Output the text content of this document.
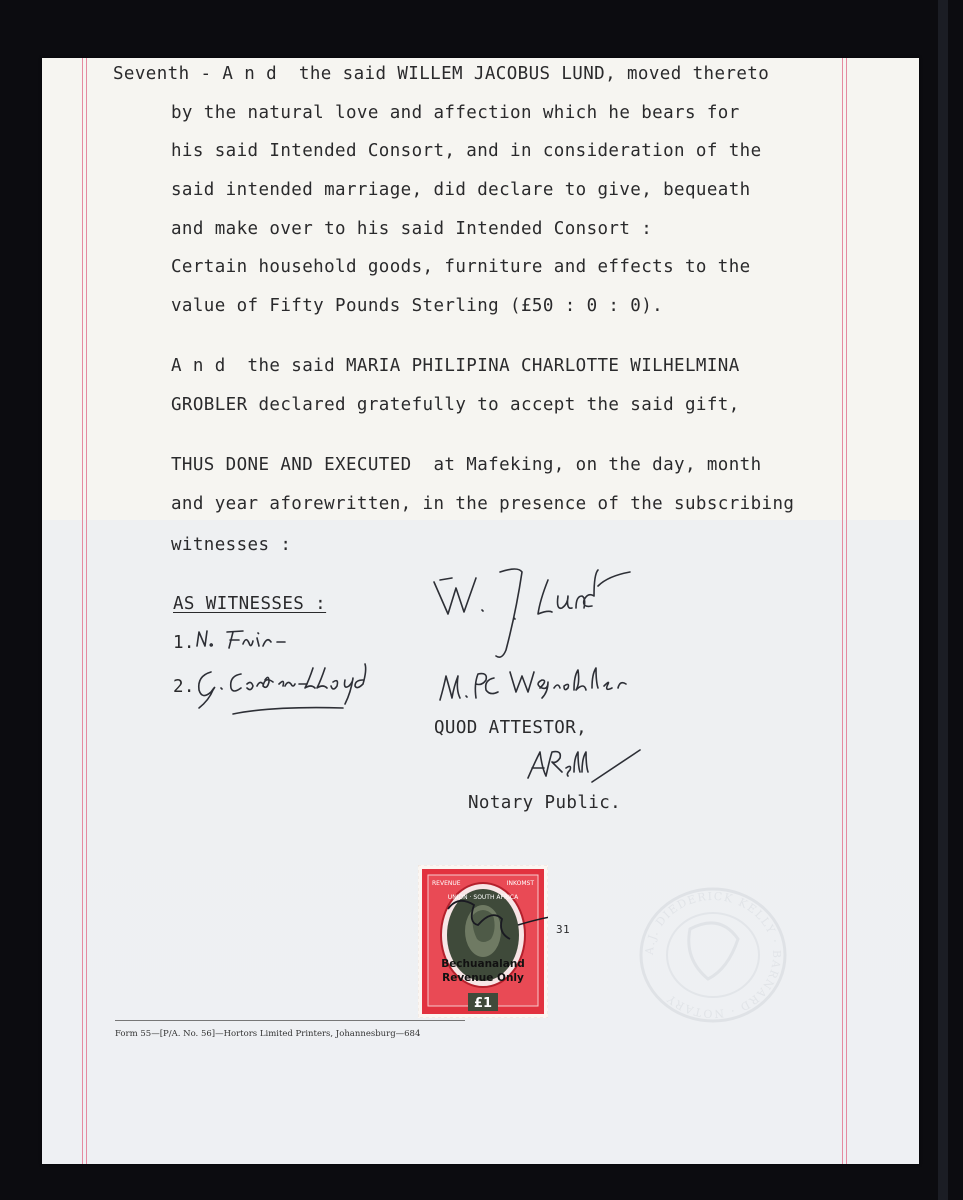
Seventh - A n d  the said WILLEM JACOBUS LUND, moved thereto
by the natural love and affection which he bears for
his said Intended Consort, and in consideration of the
said intended marriage, did declare to give, bequeath
and make over to his said Intended Consort :
Certain household goods, furniture and effects to the
value of Fifty Pounds Sterling (£50 : 0 : 0).
A n d  the said MARIA PHILIPINA CHARLOTTE WILHELMINA
GROBLER declared gratefully to accept the said gift,
THUS DONE AND EXECUTED  at Mafeking, on the day, month
and year aforewritten, in the presence of the subscribing
witnesses :
AS WITNESSES :
1.
2.
QUOD ATTESTOR,
Notary Public.
£1
REVENUE	INKOMST
UNION · SOUTH AFRICA
Bechuanaland
Revenue Only
31
A.J. DIEDERICK KELLY · BARNARD · NOTARY
Form 55—[P/A. No. 56]—Hortors Limited Printers, Johannesburg—684
